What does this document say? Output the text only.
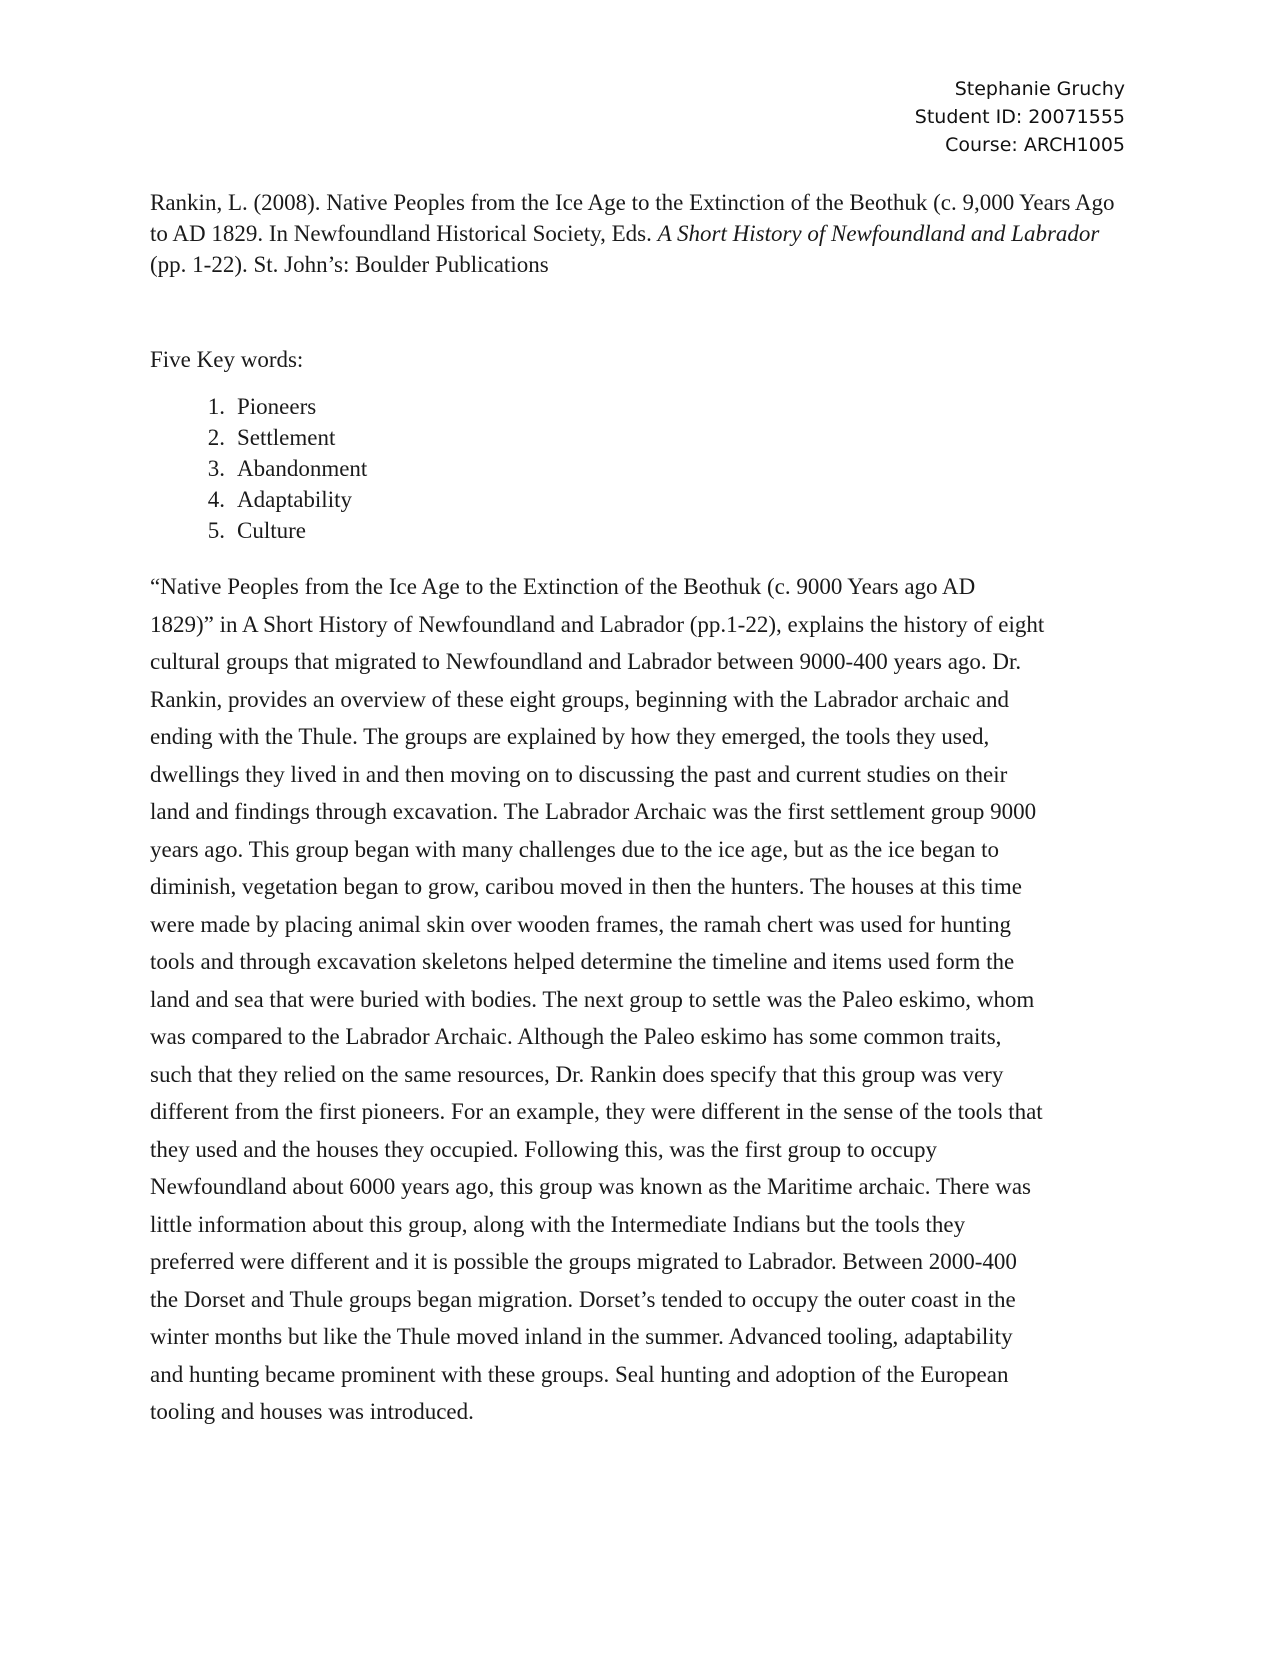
Stephanie Gruchy
Student ID: 20071555
Course: ARCH1005
Rankin, L. (2008). Native Peoples from the Ice Age to the Extinction of the Beothuk (c. 9,000 Years Ago to AD 1829. In Newfoundland Historical Society, Eds. A Short History of Newfoundland and Labrador (pp. 1-22). St. John’s: Boulder Publications
Five Key words:
1. Pioneers
2. Settlement
3. Abandonment
4. Adaptability
5. Culture
“Native Peoples from the Ice Age to the Extinction of the Beothuk (c. 9000 Years ago AD
1829)” in A Short History of Newfoundland and Labrador (pp.1-22), explains the history of eight
cultural groups that migrated to Newfoundland and Labrador between 9000-400 years ago. Dr.
Rankin, provides an overview of these eight groups, beginning with the Labrador archaic and
ending with the Thule. The groups are explained by how they emerged, the tools they used,
dwellings they lived in and then moving on to discussing the past and current studies on their
land and findings through excavation. The Labrador Archaic was the first settlement group 9000
years ago. This group began with many challenges due to the ice age, but as the ice began to
diminish, vegetation began to grow, caribou moved in then the hunters. The houses at this time
were made by placing animal skin over wooden frames, the ramah chert was used for hunting
tools and through excavation skeletons helped determine the timeline and items used form the
land and sea that were buried with bodies. The next group to settle was the Paleo eskimo, whom
was compared to the Labrador Archaic. Although the Paleo eskimo has some common traits,
such that they relied on the same resources, Dr. Rankin does specify that this group was very
different from the first pioneers. For an example, they were different in the sense of the tools that
they used and the houses they occupied. Following this, was the first group to occupy
Newfoundland about 6000 years ago, this group was known as the Maritime archaic. There was
little information about this group, along with the Intermediate Indians but the tools they
preferred were different and it is possible the groups migrated to Labrador. Between 2000-400
the Dorset and Thule groups began migration. Dorset’s tended to occupy the outer coast in the
winter months but like the Thule moved inland in the summer. Advanced tooling, adaptability
and hunting became prominent with these groups. Seal hunting and adoption of the European
tooling and houses was introduced.
